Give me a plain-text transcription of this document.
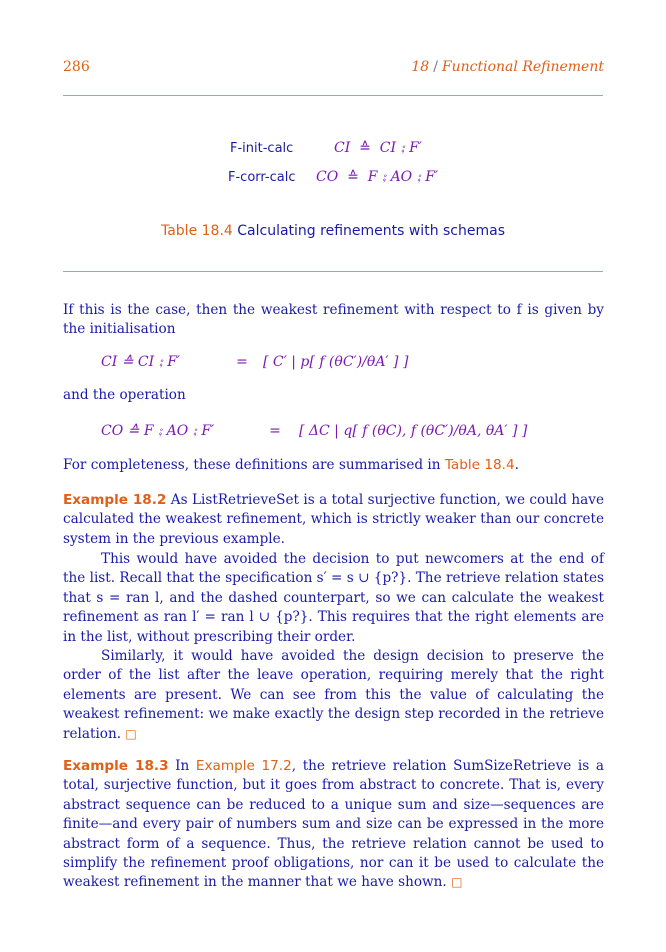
286	18 / Functional Refinement
F-init-calc	CI ≙ CI ⨟ F′
F-corr-calc CO ≙ F ⨟ AO ⨟ F′
Table 18.4 Calculating refinements with schemas
If this is the case, then the weakest refinement with respect to f is given by the initialisation
CI ≙ CI ⨟ F′	= [ C′ | p[ f (θC′)/θA′ ] ]
and the operation
CO ≙ F ⨟ AO ⨟ F′	= [ ΔC | q[ f (θC), f (θC′)/θA, θA′ ] ]
For completeness, these definitions are summarised in Table 18.4.
Example 18.2 As ListRetrieveSet is a total surjective function, we could have calculated the weakest refinement, which is strictly weaker than our concrete system in the previous example.
This would have avoided the decision to put newcomers at the end of the list. Recall that the specification s′ = s ∪ {p?}. The retrieve relation states that s = ran l, and the dashed counterpart, so we can calculate the weakest refinement as ran l′ = ran l ∪ {p?}. This requires that the right elements are in the list, without prescribing their order.
Similarly, it would have avoided the design decision to preserve the order of the list after the leave operation, requiring merely that the right elements are present. We can see from this the value of calculating the weakest refinement: we make exactly the design step recorded in the retrieve relation. □
Example 18.3 In Example 17.2, the retrieve relation SumSizeRetrieve is a total, surjective function, but it goes from abstract to concrete. That is, every abstract sequence can be reduced to a unique sum and size—sequences are finite—and every pair of numbers sum and size can be expressed in the more abstract form of a sequence. Thus, the retrieve relation cannot be used to simplify the refinement proof obligations, nor can it be used to calculate the weakest refinement in the manner that we have shown. □
